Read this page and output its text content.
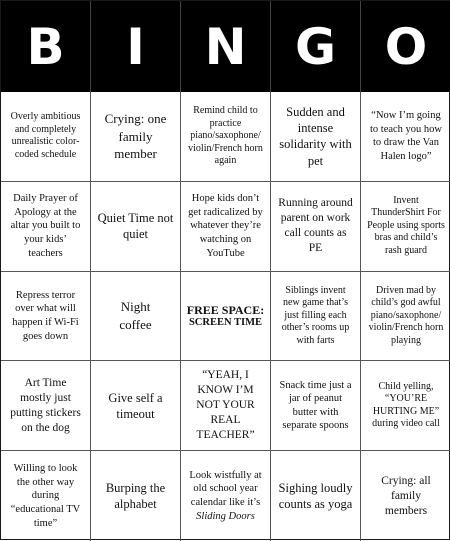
B	I	N G O
Overly ambitious and completely unrealistic color-coded schedule
Crying: one family member
Remind child to practice piano/saxophone/ violin/French horn again
Sudden and intense solidarity with pet
“Now I’m going to teach you how to draw the Van Halen logo”
Daily Prayer of Apology at the altar you built to your kids’ teachers
Quiet Time not quiet
Hope kids don’t get radicalized by whatever they’re watching on YouTube
Running around parent on work call counts as PE
Invent ThunderShirt For People using sports bras and child’s rash guard
Repress terror over what will happen if Wi-Fi goes down
Night coffee
FREE SPACE:
SCREEN TIME
Siblings invent new game that’s just filling each other’s rooms up with farts
Driven mad by child’s god awful piano/saxophone/ violin/French horn playing
Art Time mostly just putting stickers on the dog
Give self a timeout
“YEAH, I KNOW I’M NOT YOUR REAL TEACHER”
Snack time just a jar of peanut butter with separate spoons
Child yelling, “YOU’RE HURTING ME” during video call
Willing to look the other way during “educational TV time”
Burping the alphabet
Look wistfully at old school year calendar like it’s
Sliding Doors
Sighing loudly counts as yoga
Crying: all family members
